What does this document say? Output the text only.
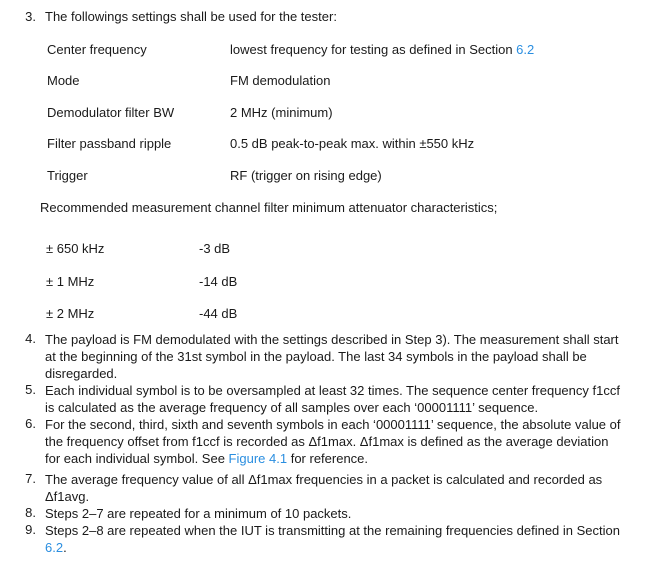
3. The followings settings shall be used for the tester:
Center frequency	lowest frequency for testing as defined in Section 6.2
Mode	FM demodulation
Demodulator filter BW	2 MHz (minimum)
Filter passband ripple	0.5 dB peak-to-peak max. within ±550 kHz
Trigger	RF (trigger on rising edge)
Recommended measurement channel filter minimum attenuator characteristics;
± 650 kHz	-3 dB
± 1 MHz	-14 dB
± 2 MHz	-44 dB
4. The payload is FM demodulated with the settings described in Step 3). The measurement shall start at the beginning of the 31st symbol in the payload. The last 34 symbols in the payload shall be disregarded.
5. Each individual symbol is to be oversampled at least 32 times. The sequence center frequency f1ccf is calculated as the average frequency of all samples over each ‘00001111’ sequence.
6. For the second, third, sixth and seventh symbols in each ‘00001111’ sequence, the absolute value of the frequency offset from f1ccf is recorded as Δf1max. Δf1max is defined as the average deviation for each individual symbol. See Figure 4.1 for reference.
7. The average frequency value of all Δf1max frequencies in a packet is calculated and recorded as Δf1avg.
8. Steps 2–7 are repeated for a minimum of 10 packets.
9. Steps 2–8 are repeated when the IUT is transmitting at the remaining frequencies defined in Section 6.2.
